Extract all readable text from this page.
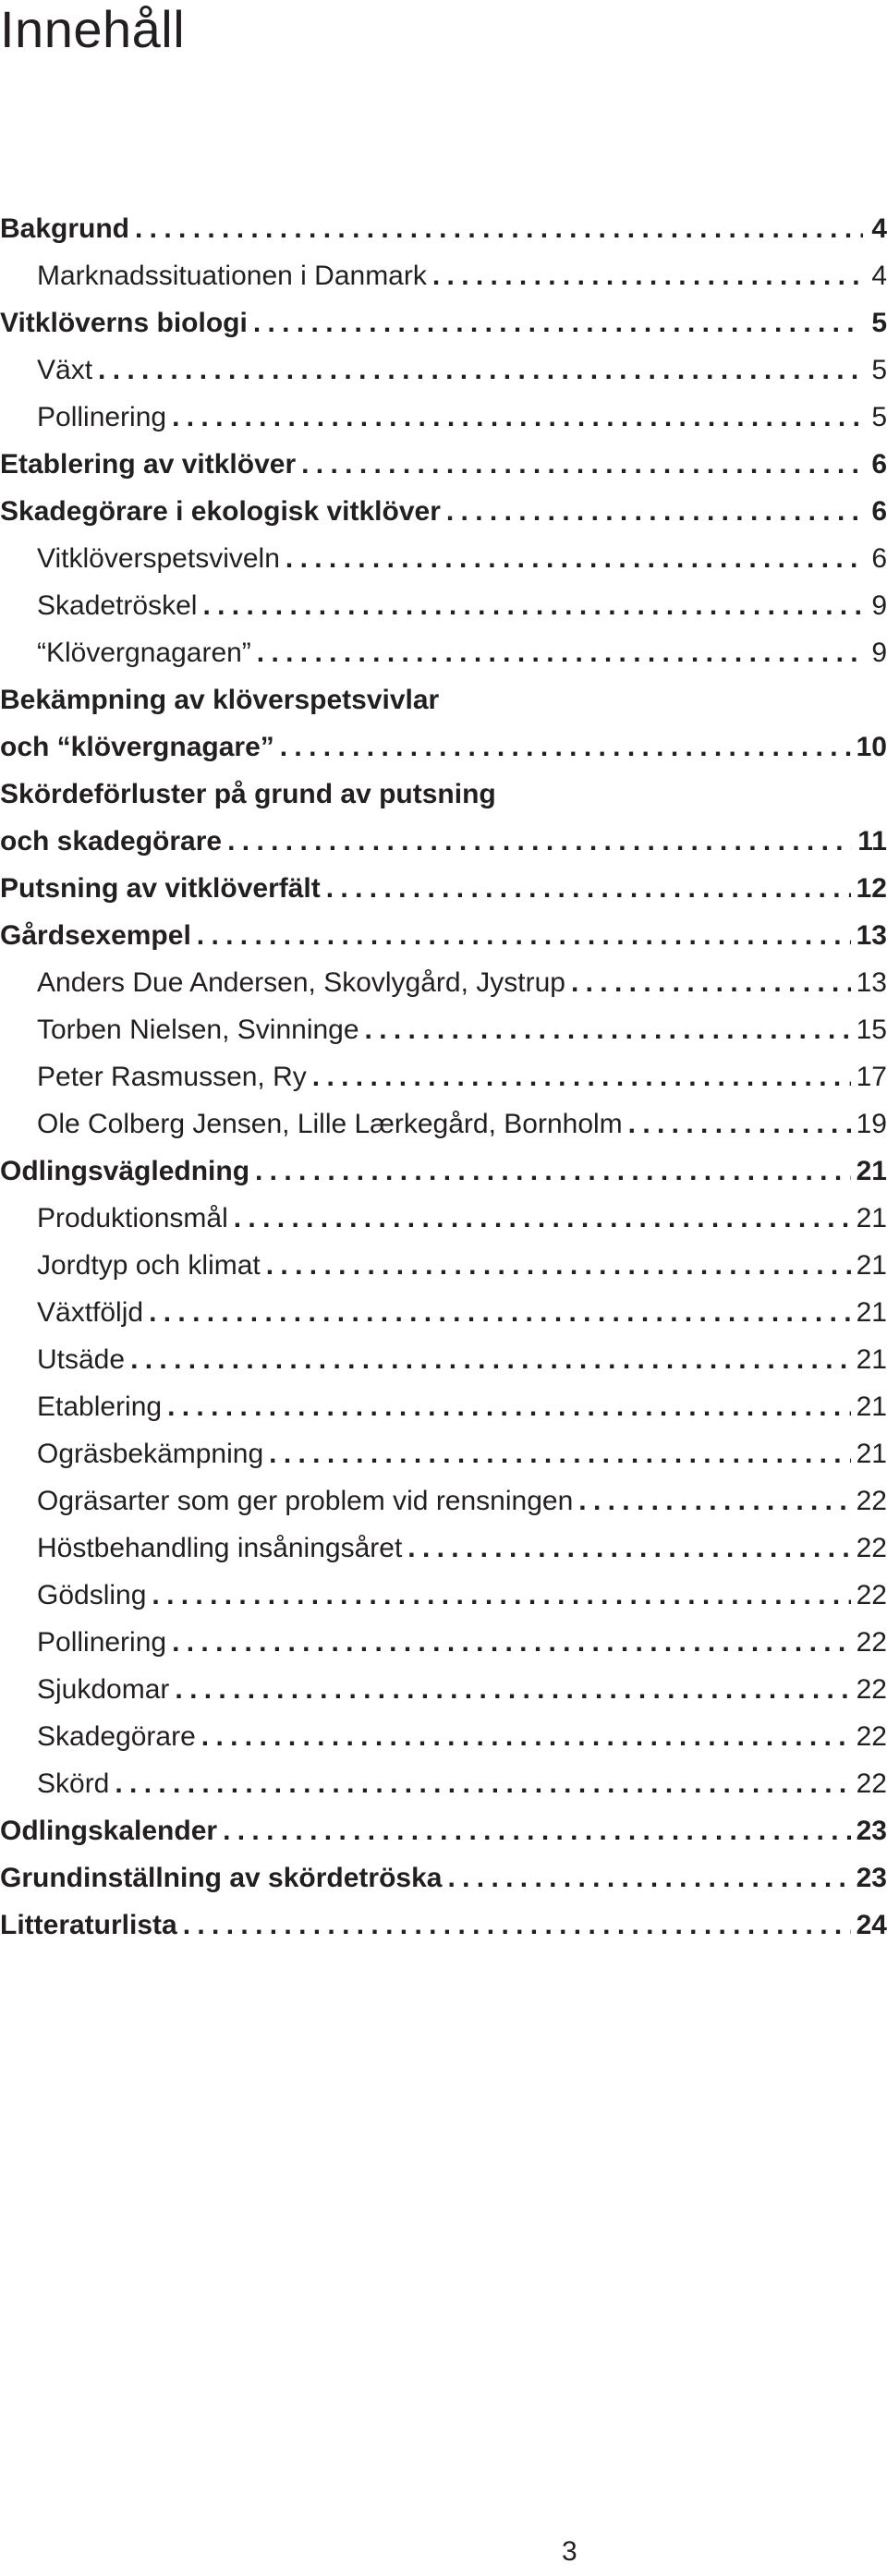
Innehåll
Bakgrund . . .	4
Marknadssituationen i Danmark . . .	4
Vitklöverns biologi . . .	5
Växt . . .	5
Pollinering . . .	5
Etablering av vitklöver . . .	6
Skadegörare i ekologisk vitklöver . . .	6
Vitklöverspetsviveln . . .	6
Skadetröskel . . .	9
“Klövergnagaren” . . .	9
Bekämpning av klöverspetsvivlar
och “klövergnagare” . . .	10
Skördeförluster på grund av putsning
och skadegörare . . .	11
Putsning av vitklöverfält . . .	12
Gårdsexempel . . .	13
Anders Due Andersen, Skovlygård, Jystrup . . .	13
Torben Nielsen, Svinninge . . .	15
Peter Rasmussen, Ry . . .	17
Ole Colberg Jensen, Lille Lærkegård, Bornholm . . .	19
Odlingsvägledning . . .	21
Produktionsmål . . .	21
Jordtyp och klimat . . .	21
Växtföljd . . .	21
Utsäde . . .	21
Etablering . . .	21
Ogräsbekämpning . . .	21
Ogräsarter som ger problem vid rensningen . . .	22
Höstbehandling insåningsåret . . .	22
Gödsling . . .	22
Pollinering . . .	22
Sjukdomar . . .	22
Skadegörare . . .	22
Skörd . . .	22
Odlingskalender . . .	23
Grundinställning av skördetröska . . .	23
Litteraturlista . . .	24
3
